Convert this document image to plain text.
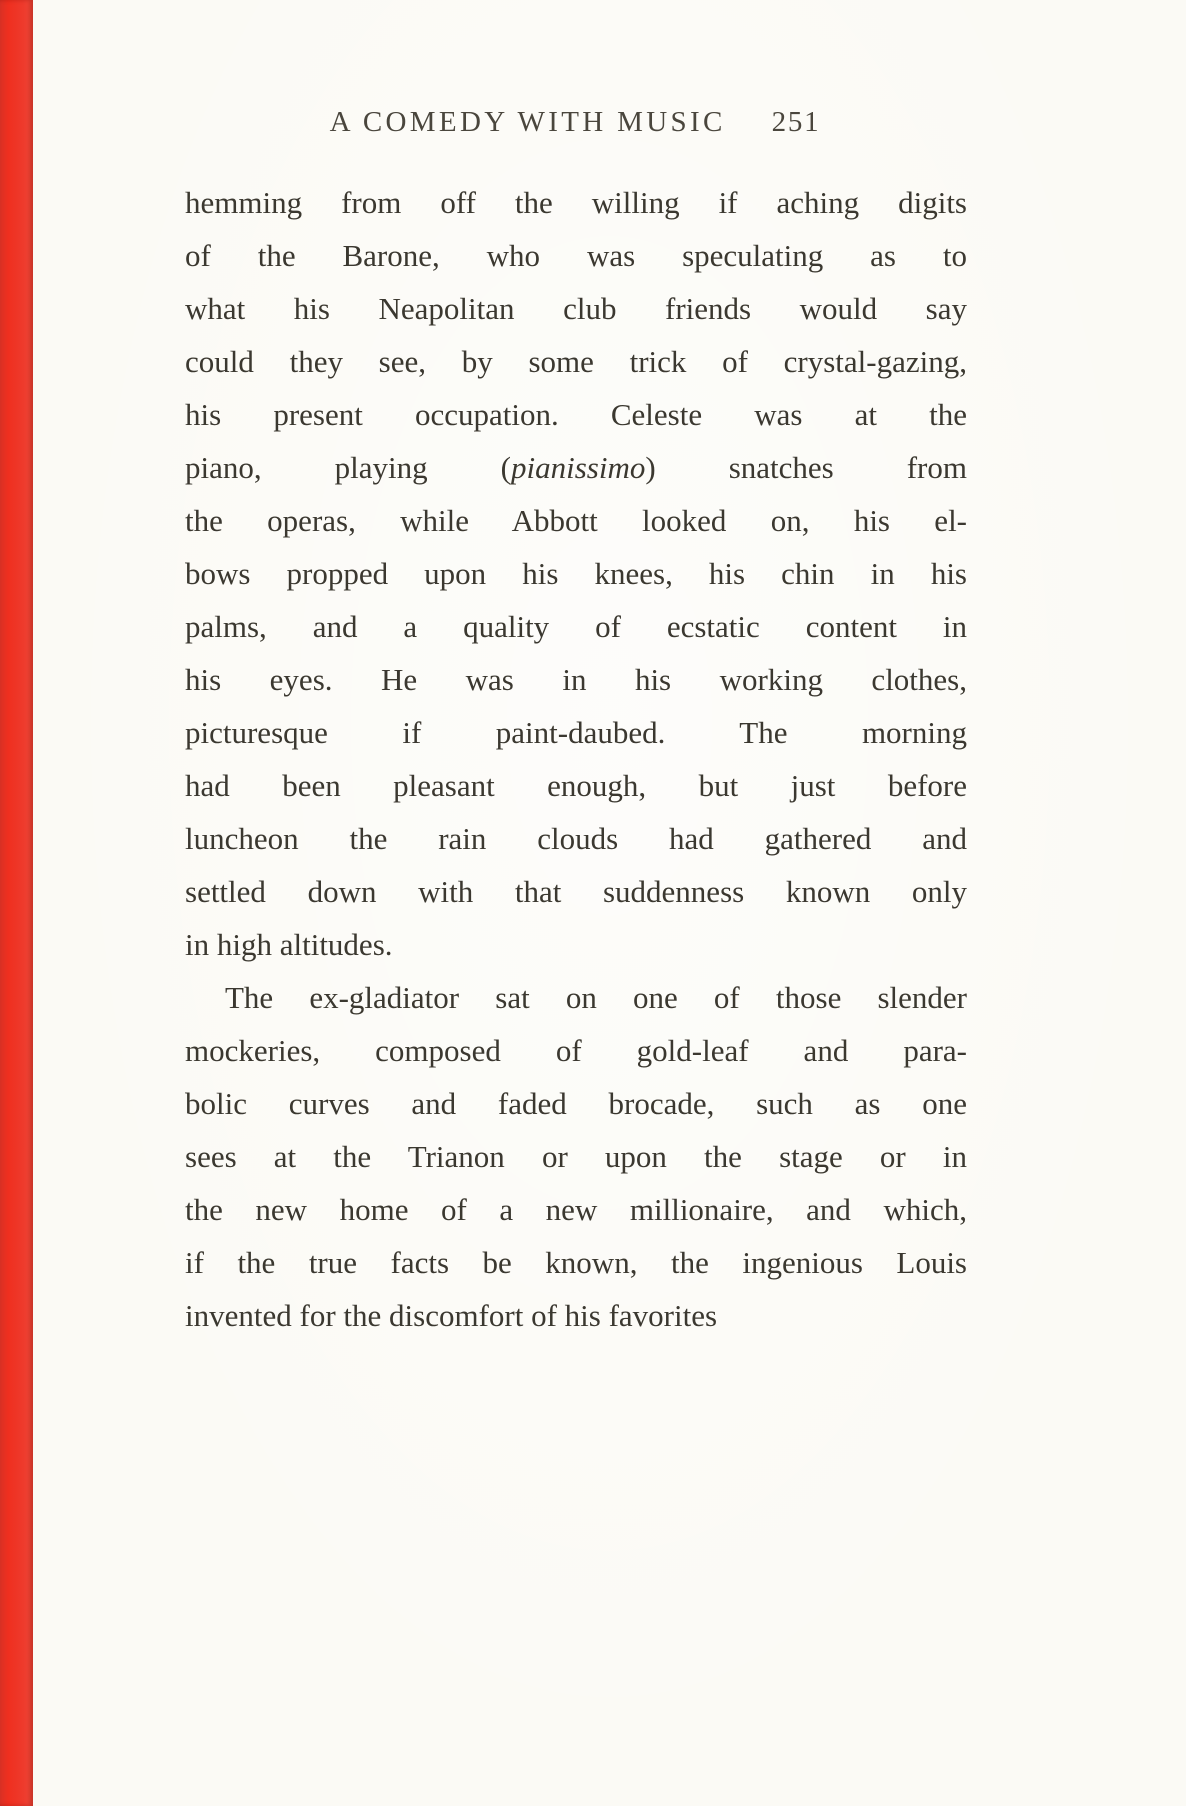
A COMEDY WITH MUSIC 251
hemming from off the willing if aching digits
of the Barone, who was speculating as to
what his Neapolitan club friends would say
could they see, by some trick of crystal-gazing,
his present occupation. Celeste was at the
piano, playing (pianissimo) snatches from
the operas, while Abbott looked on, his el-
bows propped upon his knees, his chin in his
palms, and a quality of ecstatic content in
his eyes. He was in his working clothes,
picturesque if paint-daubed. The morning
had been pleasant enough, but just before
luncheon the rain clouds had gathered and
settled down with that suddenness known only
in high altitudes.
The ex-gladiator sat on one of those slender
mockeries, composed of gold-leaf and para-
bolic curves and faded brocade, such as one
sees at the Trianon or upon the stage or in
the new home of a new millionaire, and which,
if the true facts be known, the ingenious Louis
invented for the discomfort of his favorites
